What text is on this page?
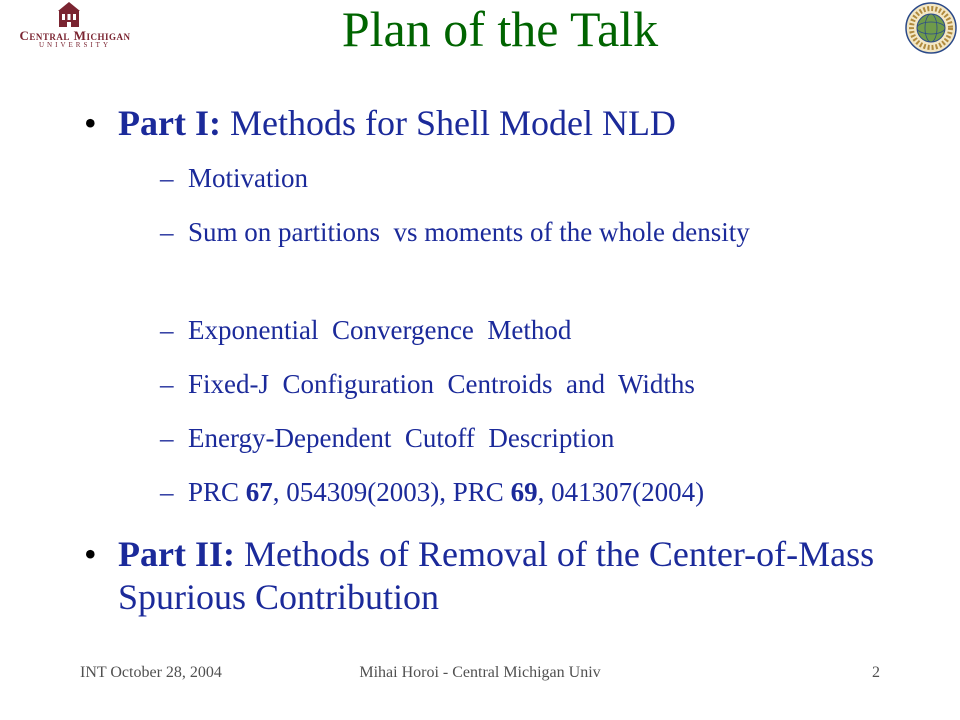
Central Michigan
UNIVERSITY	Plan of the Talk
• Part I: Methods for Shell Model NLD
– Motivation
– Sum on partitions  vs moments of the whole density
– Exponential  Convergence  Method
– Fixed-J  Configuration  Centroids  and  Widths
– Energy-Dependent  Cutoff  Description
– PRC 67, 054309(2003), PRC 69, 041307(2004)
• Part II: Methods of Removal of the Center-of-Mass Spurious Contribution
INT October 28, 2004	Mihai Horoi - Central Michigan Univ	2
